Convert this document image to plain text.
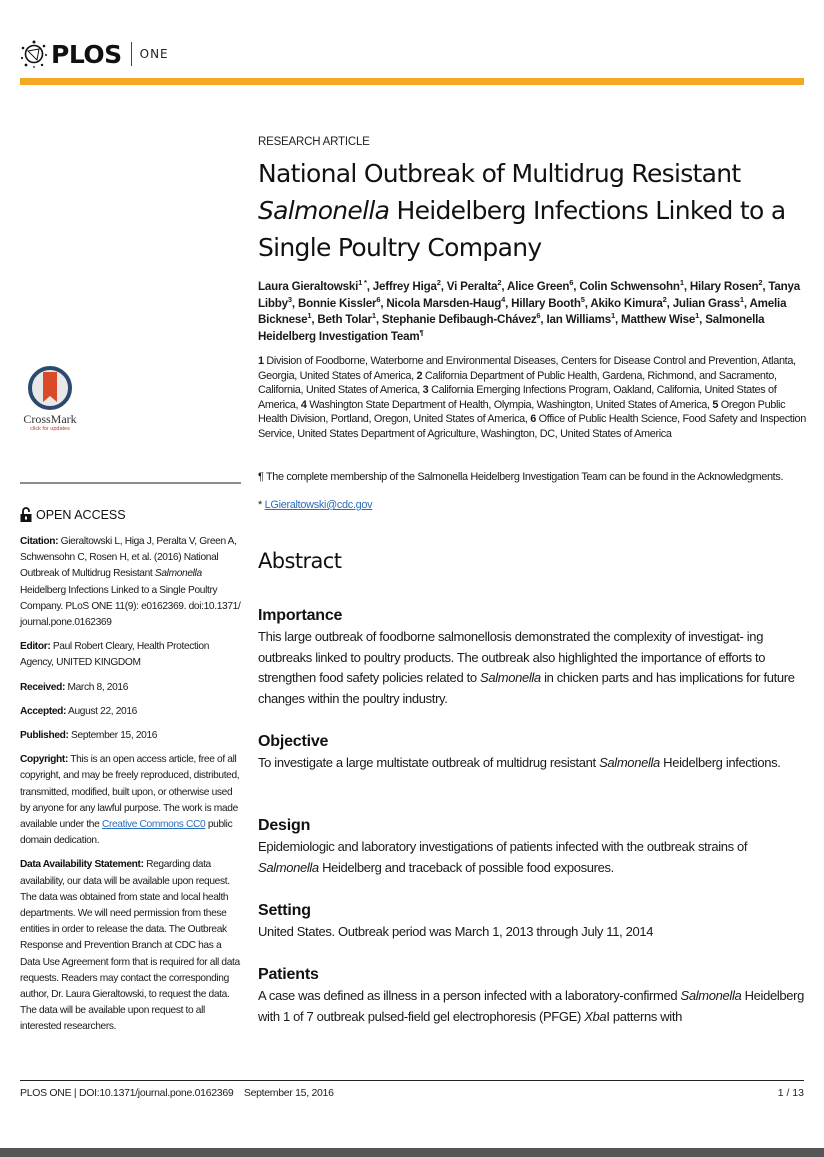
PLOS ONE
CrossMark
click for updates
OPEN ACCESS

Citation: Gieraltowski L, Higa J, Peralta V, Green A, Schwensohn C, Rosen H, et al. (2016) National Outbreak of Multidrug Resistant Salmonella Heidelberg Infections Linked to a Single Poultry Company. PLoS ONE 11(9): e0162369. doi:10.1371/ journal.pone.0162369

Editor: Paul Robert Cleary, Health Protection Agency, UNITED KINGDOM

Received: March 8, 2016

Accepted: August 22, 2016

Published: September 15, 2016

Copyright: This is an open access article, free of all copyright, and may be freely reproduced, distributed, transmitted, modified, built upon, or otherwise used by anyone for any lawful purpose. The work is made available under the Creative Commons CC0 public domain dedication.

Data Availability Statement: Regarding data availability, our data will be available upon request. The data was obtained from state and local health departments. We will need permission from these entities in order to release the data. The Outbreak Response and Prevention Branch at CDC has a Data Use Agreement form that is required for all data requests. Readers may contact the corresponding author, Dr. Laura Gieraltowski, to request the data. The data will be available upon request to all interested researchers.

RESEARCH ARTICLE
National Outbreak of Multidrug Resistant
Salmonella Heidelberg Infections Linked to a
Single Poultry Company
Laura Gieraltowski$^{1 *}$, Jeffrey Higa$^2$, Vi Peralta$^2$, Alice Green$^6$, Colin Schwensohn$^1$, Hilary Rosen$^2$, Tanya Libby$^3$, Bonnie Kissler$^6$, Nicola Marsden-Haug$^4$, Hillary Booth$^5$, Akiko Kimura$^2$, Julian Grass$^1$, Amelia Bicknese$^1$, Beth Tolar$^1$, Stephanie Defibaugh-Chávez$^6$, Ian Williams$^1$, Matthew Wise$^1$, Salmonella Heidelberg Investigation Team¶
1 Division of Foodborne, Waterborne and Environmental Diseases, Centers for Disease Control and Prevention, Atlanta, Georgia, United States of America, 2 California Department of Public Health, Gardena, Richmond, and Sacramento, California, United States of America, 3 California Emerging Infections Program, Oakland, California, United States of America, 4 Washington State Department of Health, Olympia, Washington, United States of America, 5 Oregon Public Health Division, Portland, Oregon, United States of America, 6 Office of Public Health Science, Food Safety and Inspection Service, United States Department of Agriculture, Washington, DC, United States of America
¶ The complete membership of the Salmonella Heidelberg Investigation Team can be found in the Acknowledgments.
* LGieraltowski@cdc.gov
Abstract
Importance

This large outbreak of foodborne salmonellosis demonstrated the complexity of investigat- ing outbreaks linked to poultry products. The outbreak also highlighted the importance of efforts to strengthen food safety policies related to Salmonella in chicken parts and has implications for future changes within the poultry industry.

Objective

To investigate a large multistate outbreak of multidrug resistant Salmonella Heidelberg infections.

Design

Epidemiologic and laboratory investigations of patients infected with the outbreak strains of Salmonella Heidelberg and traceback of possible food exposures.

Setting

United States. Outbreak period was March 1, 2013 through July 11, 2014

Patients

A case was defined as illness in a person infected with a laboratory-confirmed Salmonella Heidelberg with 1 of 7 outbreak pulsed-field gel electrophoresis (PFGE) XbaI patterns with

PLOS ONE | DOI:10.1371/journal.pone.0162369    September 15, 2016	1 / 13
